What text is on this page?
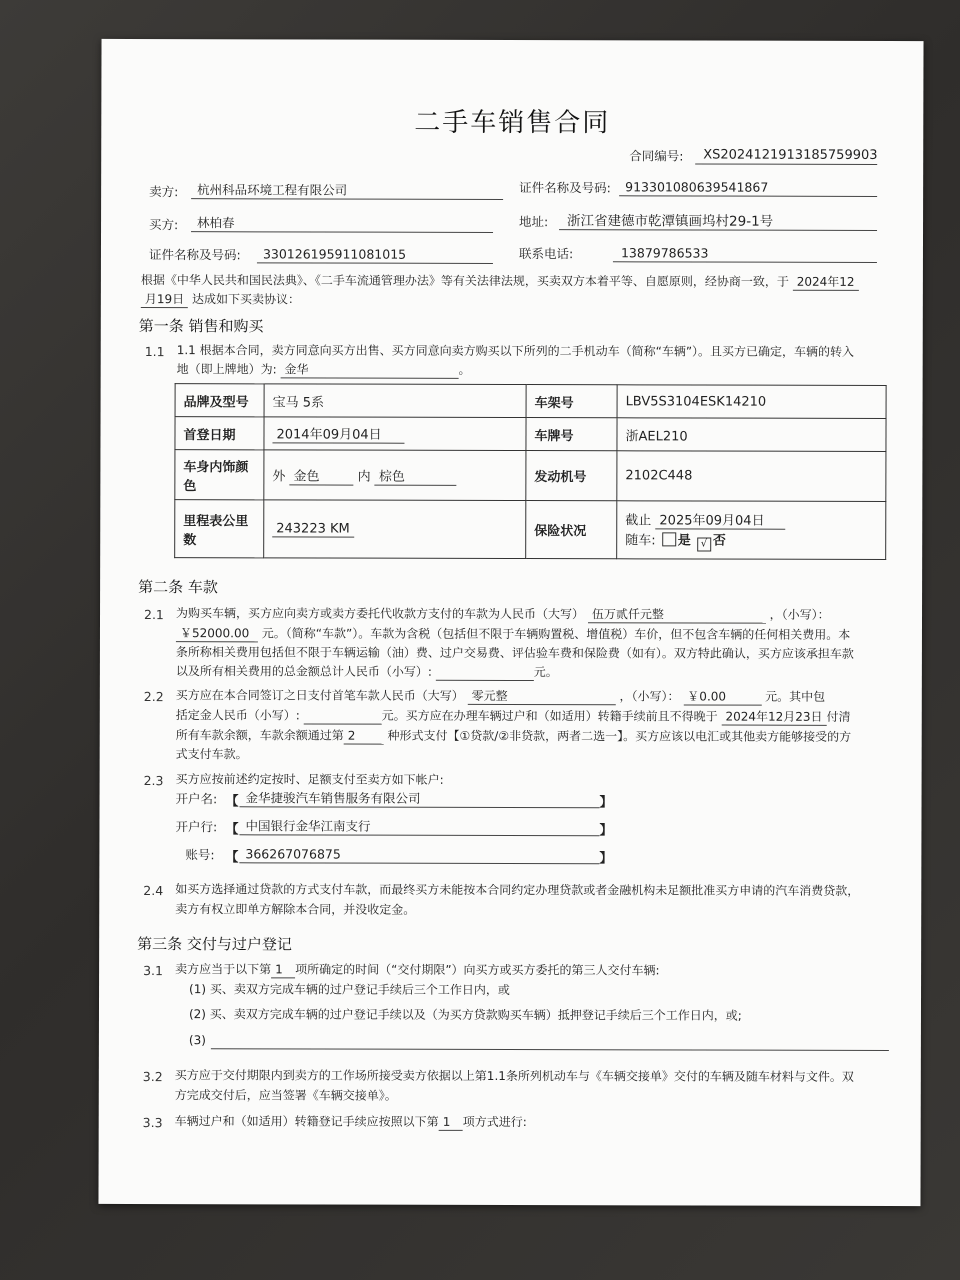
二手车销售合同
合同编号: XS2024121913185759903
卖方: 杭州科品环境工程有限公司	证件名称及号码: 913301080639541867
买方: 林柏春	地址: 浙江省建德市乾潭镇画坞村29-1号
证件名称及号码: 330126195911081015	联系电话:	13879786533
根据《中华人民共和国民法典》、《二手车流通管理办法》等有关法律法规，买卖双方本着平等、自愿原则，经协商一致，于 2024年12
月19日 达成如下买卖协议：
第一条 销售和购买
1.1 1.1 根据本合同，卖方同意向买方出售、买方同意向卖方购买以下所列的二手机动车（简称“车辆”）。且买方已确定，车辆的转入
地（即上牌地）为: 金华	。
品牌及型号	宝马 5系	车架号	LBV5S3104ESK14210
首登日期	2014年09月04日	车牌号	浙AEL210
车身内饰颜
色	外 金色 内 棕色	发动机号	2102C448
里程表公里
数	243223 KM	保险状况	截止 2025年09月04日
随车: 是 √ 否
第二条 车款
2.1 为购买车辆，买方应向卖方或卖方委托代收款方支付的车款为人民币（大写） 伍万贰仟元整	，（小写）：
￥52000.00 元。（简称“车款”）。车款为含税（包括但不限于车辆购置税、增值税）车价，但不包含车辆的任何相关费用。本
条所称相关费用包括但不限于车辆运输（油）费、过户交易费、评估验车费和保险费（如有）。双方特此确认，买方应该承担车款
以及所有相关费用的总金额总计人民币（小写）:	元。
2.2 买方应在本合同签订之日支付首笔车款人民币（大写） 零元整	，（小写）： ￥0.00	元。其中包
括定金人民币（小写）:	元。买方应在办理车辆过户和（如适用）转籍手续前且不得晚于 2024年12月23日 付清
所有车款余额，车款余额通过第 2	种形式支付【①贷款/②非贷款，两者二选一】。买方应该以电汇或其他卖方能够接受的方
式支付车款。
2.3 买方应按前述约定按时、足额支付至卖方如下帐户:
开户名: 【 金华捷骏汽车销售服务有限公司	】
开户行: 【 中国银行金华江南支行	】
账号: 【 366267076875	】
2.4 如买方选择通过贷款的方式支付车款，而最终买方未能按本合同约定办理贷款或者金融机构未足额批准买方申请的汽车消费贷款，
卖方有权立即单方解除本合同，并没收定金。
第三条 交付与过户登记
3.1 卖方应当于以下第 1 项所确定的时间（“交付期限”）向买方或买方委托的第三人交付车辆:
(1) 买、卖双方完成车辆的过户登记手续后三个工作日内，或
(2) 买、卖双方完成车辆的过户登记手续以及（为买方贷款购买车辆）抵押登记手续后三个工作日内，或;
(3)
3.2 买方应于交付期限内到卖方的工作场所接受卖方依据以上第1.1条所列机动车与《车辆交接单》交付的车辆及随车材料与文件。双
方完成交付后，应当签署《车辆交接单》。
3.3 车辆过户和（如适用）转籍登记手续应按照以下第 1 项方式进行:
